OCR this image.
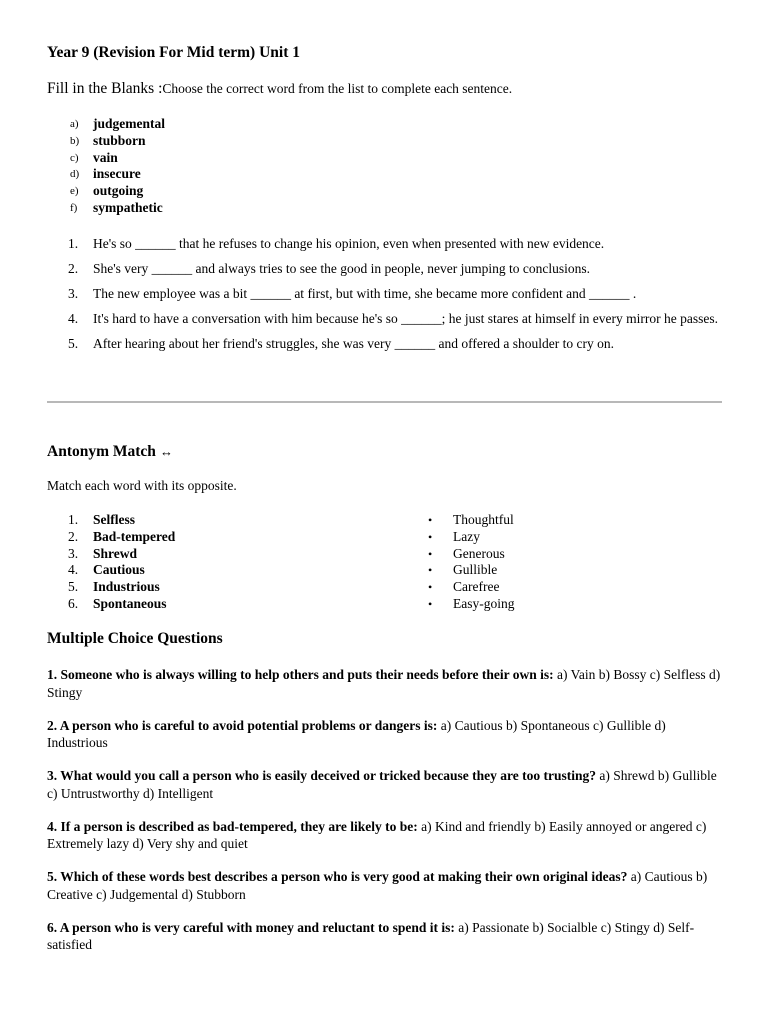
Year 9 (Revision For Mid term) Unit 1
Fill in the Blanks :Choose the correct word from the list to complete each sentence.
a)	judgemental
b)	stubborn
c)	vain
d)	insecure
e)	outgoing
f)	sympathetic
1.	He's so ______ that he refuses to change his opinion, even when presented with new evidence.
2.	She's very ______ and always tries to see the good in people, never jumping to conclusions.
3.	The new employee was a bit ______ at first, but with time, she became more confident and ______ .
4.	It's hard to have a conversation with him because he's so ______; he just stares at himself in every mirror he passes.
5.	After hearing about her friend's struggles, she was very ______ and offered a shoulder to cry on.
Antonym Match ↔
Match each word with its opposite.
1.	Selfless
2.	Bad-tempered
3.	Shrewd
4.	Cautious
5.	Industrious
6.	Spontaneous
•	Thoughtful
•	Lazy
•	Generous
•	Gullible
•	Carefree
•	Easy-going
Multiple Choice Questions
1. Someone who is always willing to help others and puts their needs before their own is: a) Vain b) Bossy c) Selfless d) Stingy
2. A person who is careful to avoid potential problems or dangers is: a) Cautious b) Spontaneous c) Gullible d) Industrious
3. What would you call a person who is easily deceived or tricked because they are too trusting? a) Shrewd b) Gullible c) Untrustworthy d) Intelligent
4. If a person is described as bad-tempered, they are likely to be: a) Kind and friendly b) Easily annoyed or angered c) Extremely lazy d) Very shy and quiet
5. Which of these words best describes a person who is very good at making their own original ideas? a) Cautious b) Creative c) Judgemental d) Stubborn
6. A person who is very careful with money and reluctant to spend it is: a) Passionate b) Socialble c) Stingy d) Self-satisfied
